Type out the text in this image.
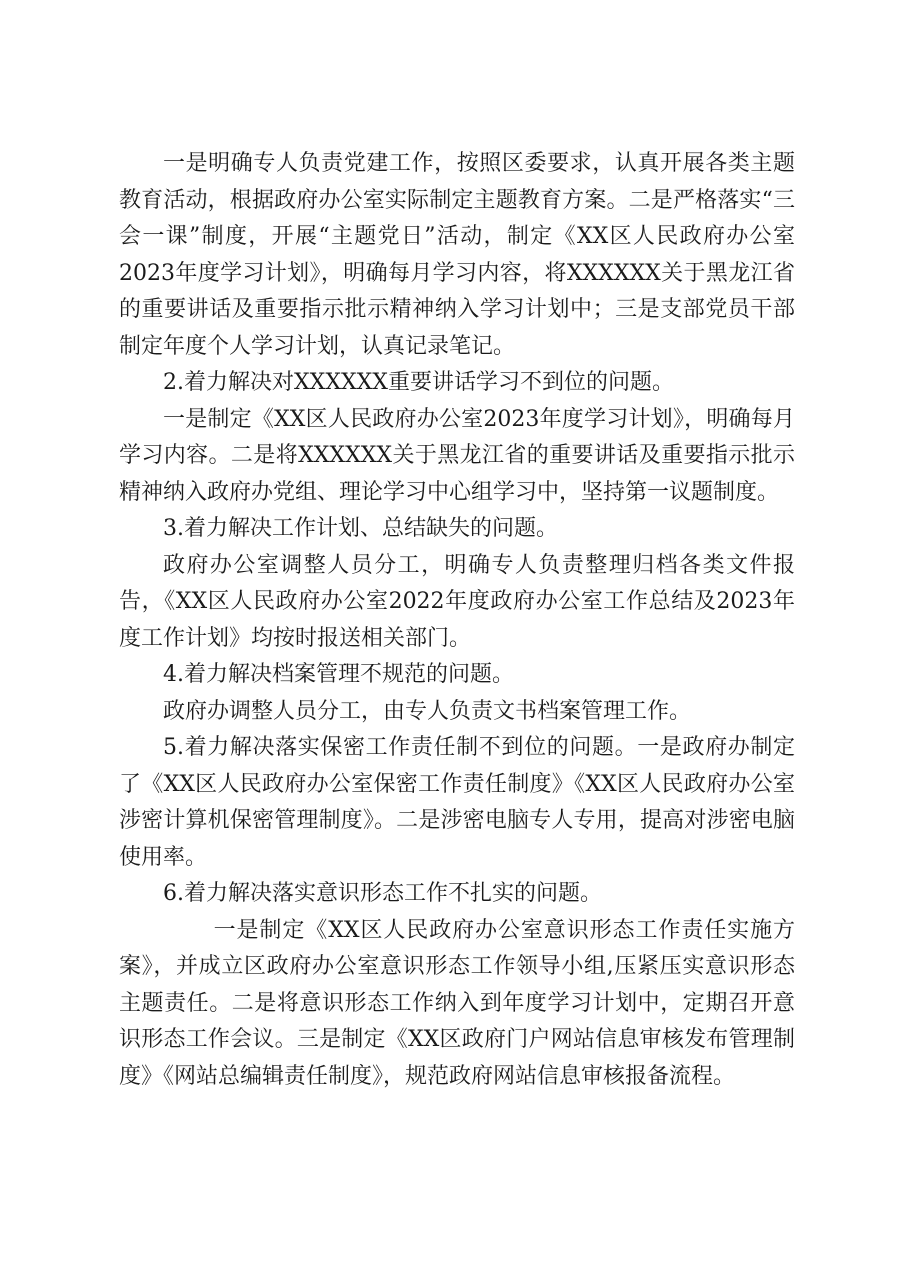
一是明确专人负责党建工作，按照区委要求，认真开展各类主题教育活动，根据政府办公室实际制定主题教育方案。二是严格落实“三会一课”制度，开展“主题党日”活动，制定《XX区人民政府办公室2023年度学习计划》，明确每月学习内容，将XXXXXX关于黑龙江省的重要讲话及重要指示批示精神纳入学习计划中；三是支部党员干部制定年度个人学习计划，认真记录笔记。

2.着力解决对XXXXXX重要讲话学习不到位的问题。

一是制定《XX区人民政府办公室2023年度学习计划》，明确每月学习内容。二是将XXXXXX关于黑龙江省的重要讲话及重要指示批示精神纳入政府办党组、理论学习中心组学习中，坚持第一议题制度。

3.着力解决工作计划、总结缺失的问题。

政府办公室调整人员分工，明确专人负责整理归档各类文件报告，《XX区人民政府办公室2022年度政府办公室工作总结及2023年度工作计划》均按时报送相关部门。

4.着力解决档案管理不规范的问题。

政府办调整人员分工，由专人负责文书档案管理工作。

5.着力解决落实保密工作责任制不到位的问题。一是政府办制定了《XX区人民政府办公室保密工作责任制度》《XX区人民政府办公室涉密计算机保密管理制度》。二是涉密电脑专人专用，提高对涉密电脑使用率。

6.着力解决落实意识形态工作不扎实的问题。

一是制定《XX区人民政府办公室意识形态工作责任实施方案》，并成立区政府办公室意识形态工作领导小组,压紧压实意识形态主题责任。二是将意识形态工作纳入到年度学习计划中，定期召开意识形态工作会议。三是制定《XX区政府门户网站信息审核发布管理制度》《网站总编辑责任制度》，规范政府网站信息审核报备流程。
